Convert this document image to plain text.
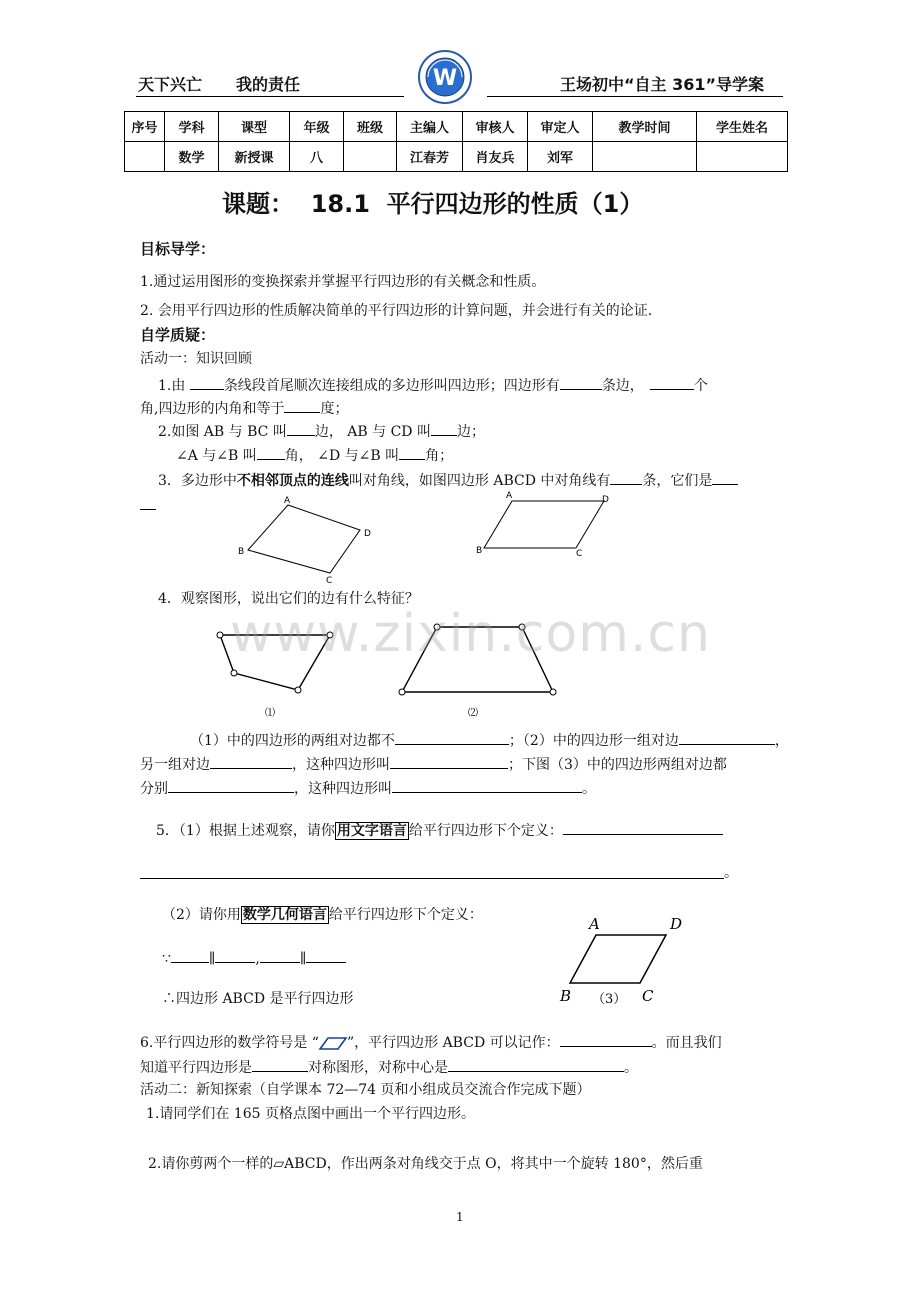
天下兴亡 我的责任	W	王场初中“自主 361”导学案
序号	学科	课型	年级	班级	主编人	审核人	审定人	教学时间	学生姓名
	数学	新授课	八		江春芳	肖友兵	刘军		
课题：  18.1  平行四边形的性质（1）
目标导学：
1.通过运用图形的变换探索并掌握平行四边形的有关概念和性质。
2. 会用平行四边形的性质解决简单的平行四边形的计算问题，并会进行有关的论证.
自学质疑：
活动一：知识回顾
1.由	条线段首尾顺次连接组成的多边形叫四边形；四边形有	条边，	个
角,四边形的内角和等于	度；
2.如图 AB 与 BC 叫 边， AB 与 CD 叫 边；
∠A 与∠B 叫 角， ∠D 与∠B 叫 角；
3．多边形中不相邻顶点的连线叫对角线，如图四边形 ABCD 中对角线有 条，它们是
A
B
C
D
A
B	C
D
4．观察图形，说出它们的边有什么特征？
⑴	⑵
www.zixin.com.cn
（1）中的四边形的两组对边都不	；（2）中的四边形一组对边	，
另一组对边	，这种四边形叫	；下图（3）中的四边形两组对边都
分别	，这种四边形叫	。
5．（1）根据上述观察，请你 用文字语言 给平行四边形下个定义：
。
（2）请你用 数学几何语言 给平行四边形下个定义：
∵	∥	,	∥
∴四边形 ABCD 是平行四边形
A	D
B	C
（3）
6.平行四边形的数学符号是 “ ”，平行四边形 ABCD 可以记作：	。而且我们
知道平行四边形是	对称图形，对称中心是	。
活动二：新知探索（自学课本 72—74 页和小组成员交流合作完成下题）
1.请同学们在 165 页格点图中画出一个平行四边形。
2.请你剪两个一样的▱ABCD，作出两条对角线交于点 O，将其中一个旋转 180°，然后重
1
